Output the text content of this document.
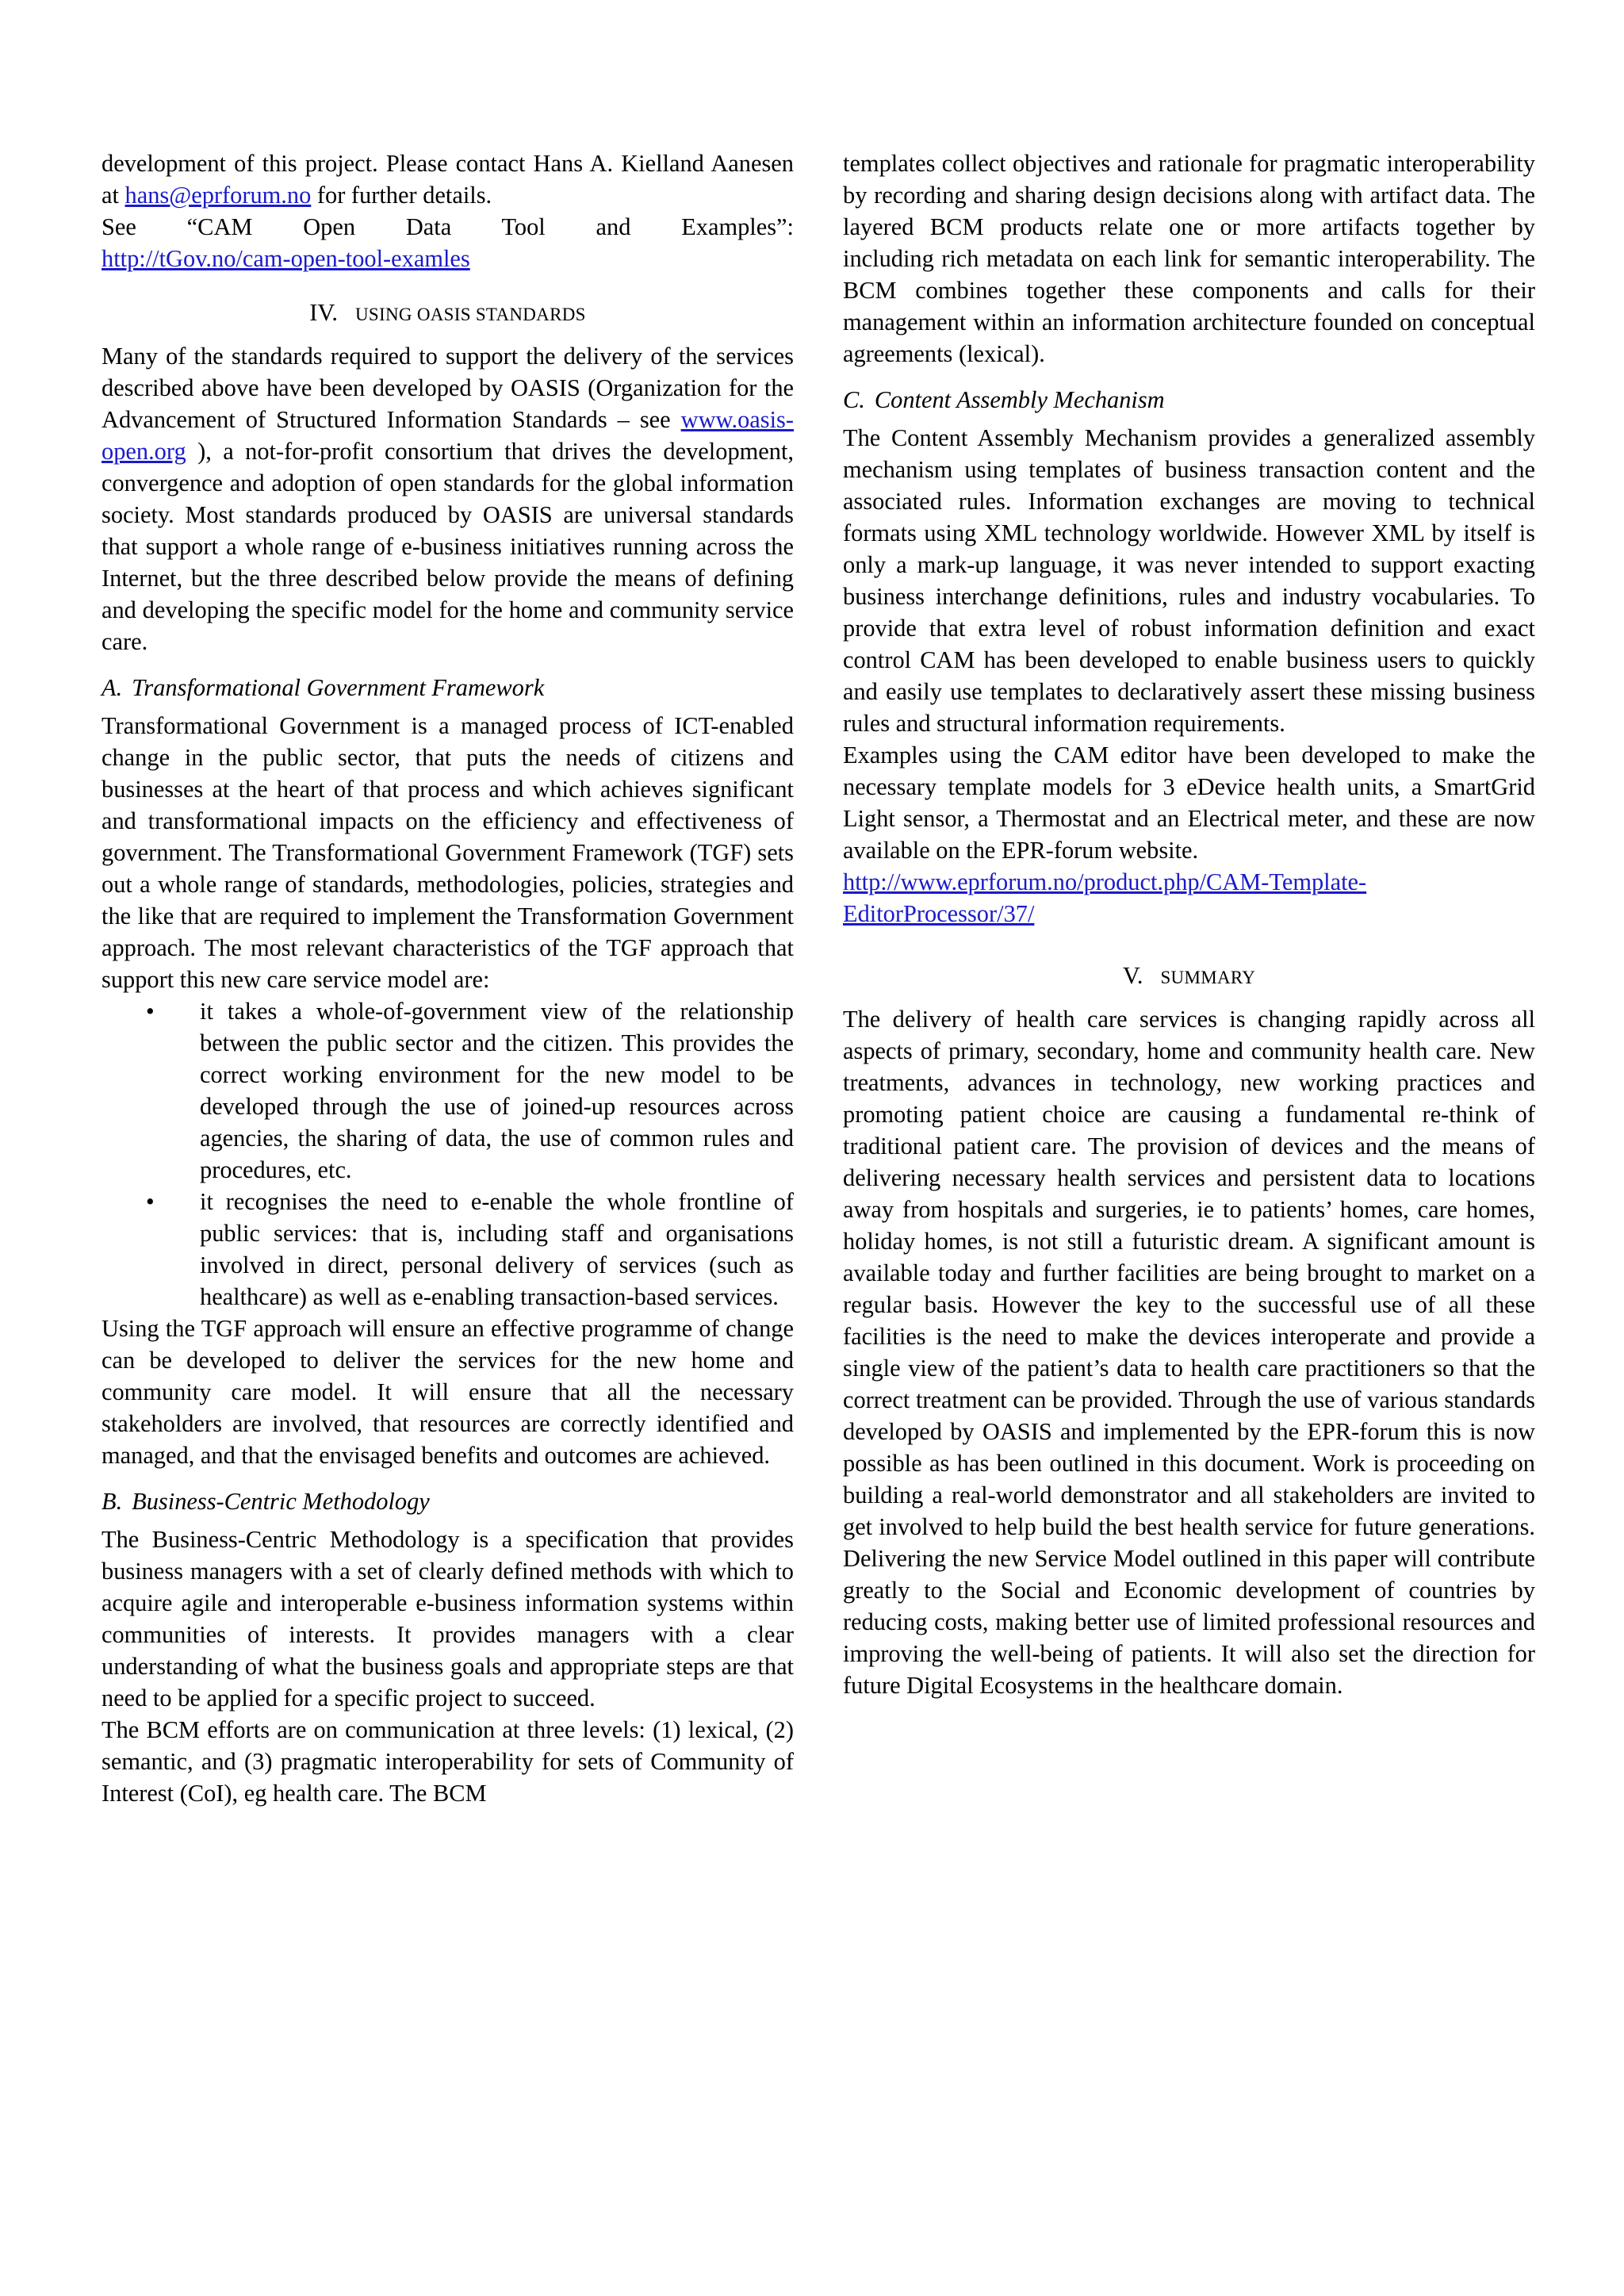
development of this project. Please contact Hans A. Kielland Aanesen at hans@eprforum.no for further details.

See “CAM Open Data Tool and Examples”:

http://tGov.no/cam-open-tool-examles

IV. USING OASIS STANDARDS

Many of the standards required to support the delivery of the services described above have been developed by OASIS (Organization for the Advancement of Structured Information Standards – see www.oasis-open.org ), a not-for-profit consortium that drives the development, convergence and adoption of open standards for the global information society. Most standards produced by OASIS are universal standards that support a whole range of e-business initiatives running across the Internet, but the three described below provide the means of defining and developing the specific model for the home and community service care.

A. Transformational Government Framework

Transformational Government is a managed process of ICT-enabled change in the public sector, that puts the needs of citizens and businesses at the heart of that process and which achieves significant and transformational impacts on the efficiency and effectiveness of government. The Transformational Government Framework (TGF) sets out a whole range of standards, methodologies, policies, strategies and the like that are required to implement the Transformation Government approach. The most relevant characteristics of the TGF approach that support this new care service model are:

• it takes a whole-of-government view of the relationship between the public sector and the citizen. This provides the correct working environment for the new model to be developed through the use of joined-up resources across agencies, the sharing of data, the use of common rules and procedures, etc.
• it recognises the need to e-enable the whole frontline of public services: that is, including staff and organisations involved in direct, personal delivery of services (such as healthcare) as well as e-enabling transaction-based services.

Using the TGF approach will ensure an effective programme of change can be developed to deliver the services for the new home and community care model. It will ensure that all the necessary stakeholders are involved, that resources are correctly identified and managed, and that the envisaged benefits and outcomes are achieved.

B. Business-Centric Methodology

The Business-Centric Methodology is a specification that provides business managers with a set of clearly defined methods with which to acquire agile and interoperable e-business information systems within communities of interests. It provides managers with a clear understanding of what the business goals and appropriate steps are that need to be applied for a specific project to succeed.

The BCM efforts are on communication at three levels: (1) lexical, (2) semantic, and (3) pragmatic interoperability for sets of Community of Interest (CoI), eg health care. The BCM

templates collect objectives and rationale for pragmatic interoperability by recording and sharing design decisions along with artifact data. The layered BCM products relate one or more artifacts together by including rich metadata on each link for semantic interoperability. The BCM combines together these components and calls for their management within an information architecture founded on conceptual agreements (lexical).

C. Content Assembly Mechanism

The Content Assembly Mechanism provides a generalized assembly mechanism using templates of business transaction content and the associated rules. Information exchanges are moving to technical formats using XML technology worldwide. However XML by itself is only a mark-up language, it was never intended to support exacting business interchange definitions, rules and industry vocabularies. To provide that extra level of robust information definition and exact control CAM has been developed to enable business users to quickly and easily use templates to declaratively assert these missing business rules and structural information requirements.

Examples using the CAM editor have been developed to make the necessary template models for 3 eDevice health units, a SmartGrid Light sensor, a Thermostat and an Electrical meter, and these are now available on the EPR-forum website.

http://www.eprforum.no/product.php/CAM-Template-
EditorProcessor/37/

V. SUMMARY

The delivery of health care services is changing rapidly across all aspects of primary, secondary, home and community health care. New treatments, advances in technology, new working practices and promoting patient choice are causing a fundamental re-think of traditional patient care. The provision of devices and the means of delivering necessary health services and persistent data to locations away from hospitals and surgeries, ie to patients’ homes, care homes, holiday homes, is not still a futuristic dream. A significant amount is available today and further facilities are being brought to market on a regular basis. However the key to the successful use of all these facilities is the need to make the devices interoperate and provide a single view of the patient’s data to health care practitioners so that the correct treatment can be provided. Through the use of various standards developed by OASIS and implemented by the EPR-forum this is now possible as has been outlined in this document. Work is proceeding on building a real-world demonstrator and all stakeholders are invited to get involved to help build the best health service for future generations. Delivering the new Service Model outlined in this paper will contribute greatly to the Social and Economic development of countries by reducing costs, making better use of limited professional resources and improving the well-being of patients. It will also set the direction for future Digital Ecosystems in the healthcare domain.
